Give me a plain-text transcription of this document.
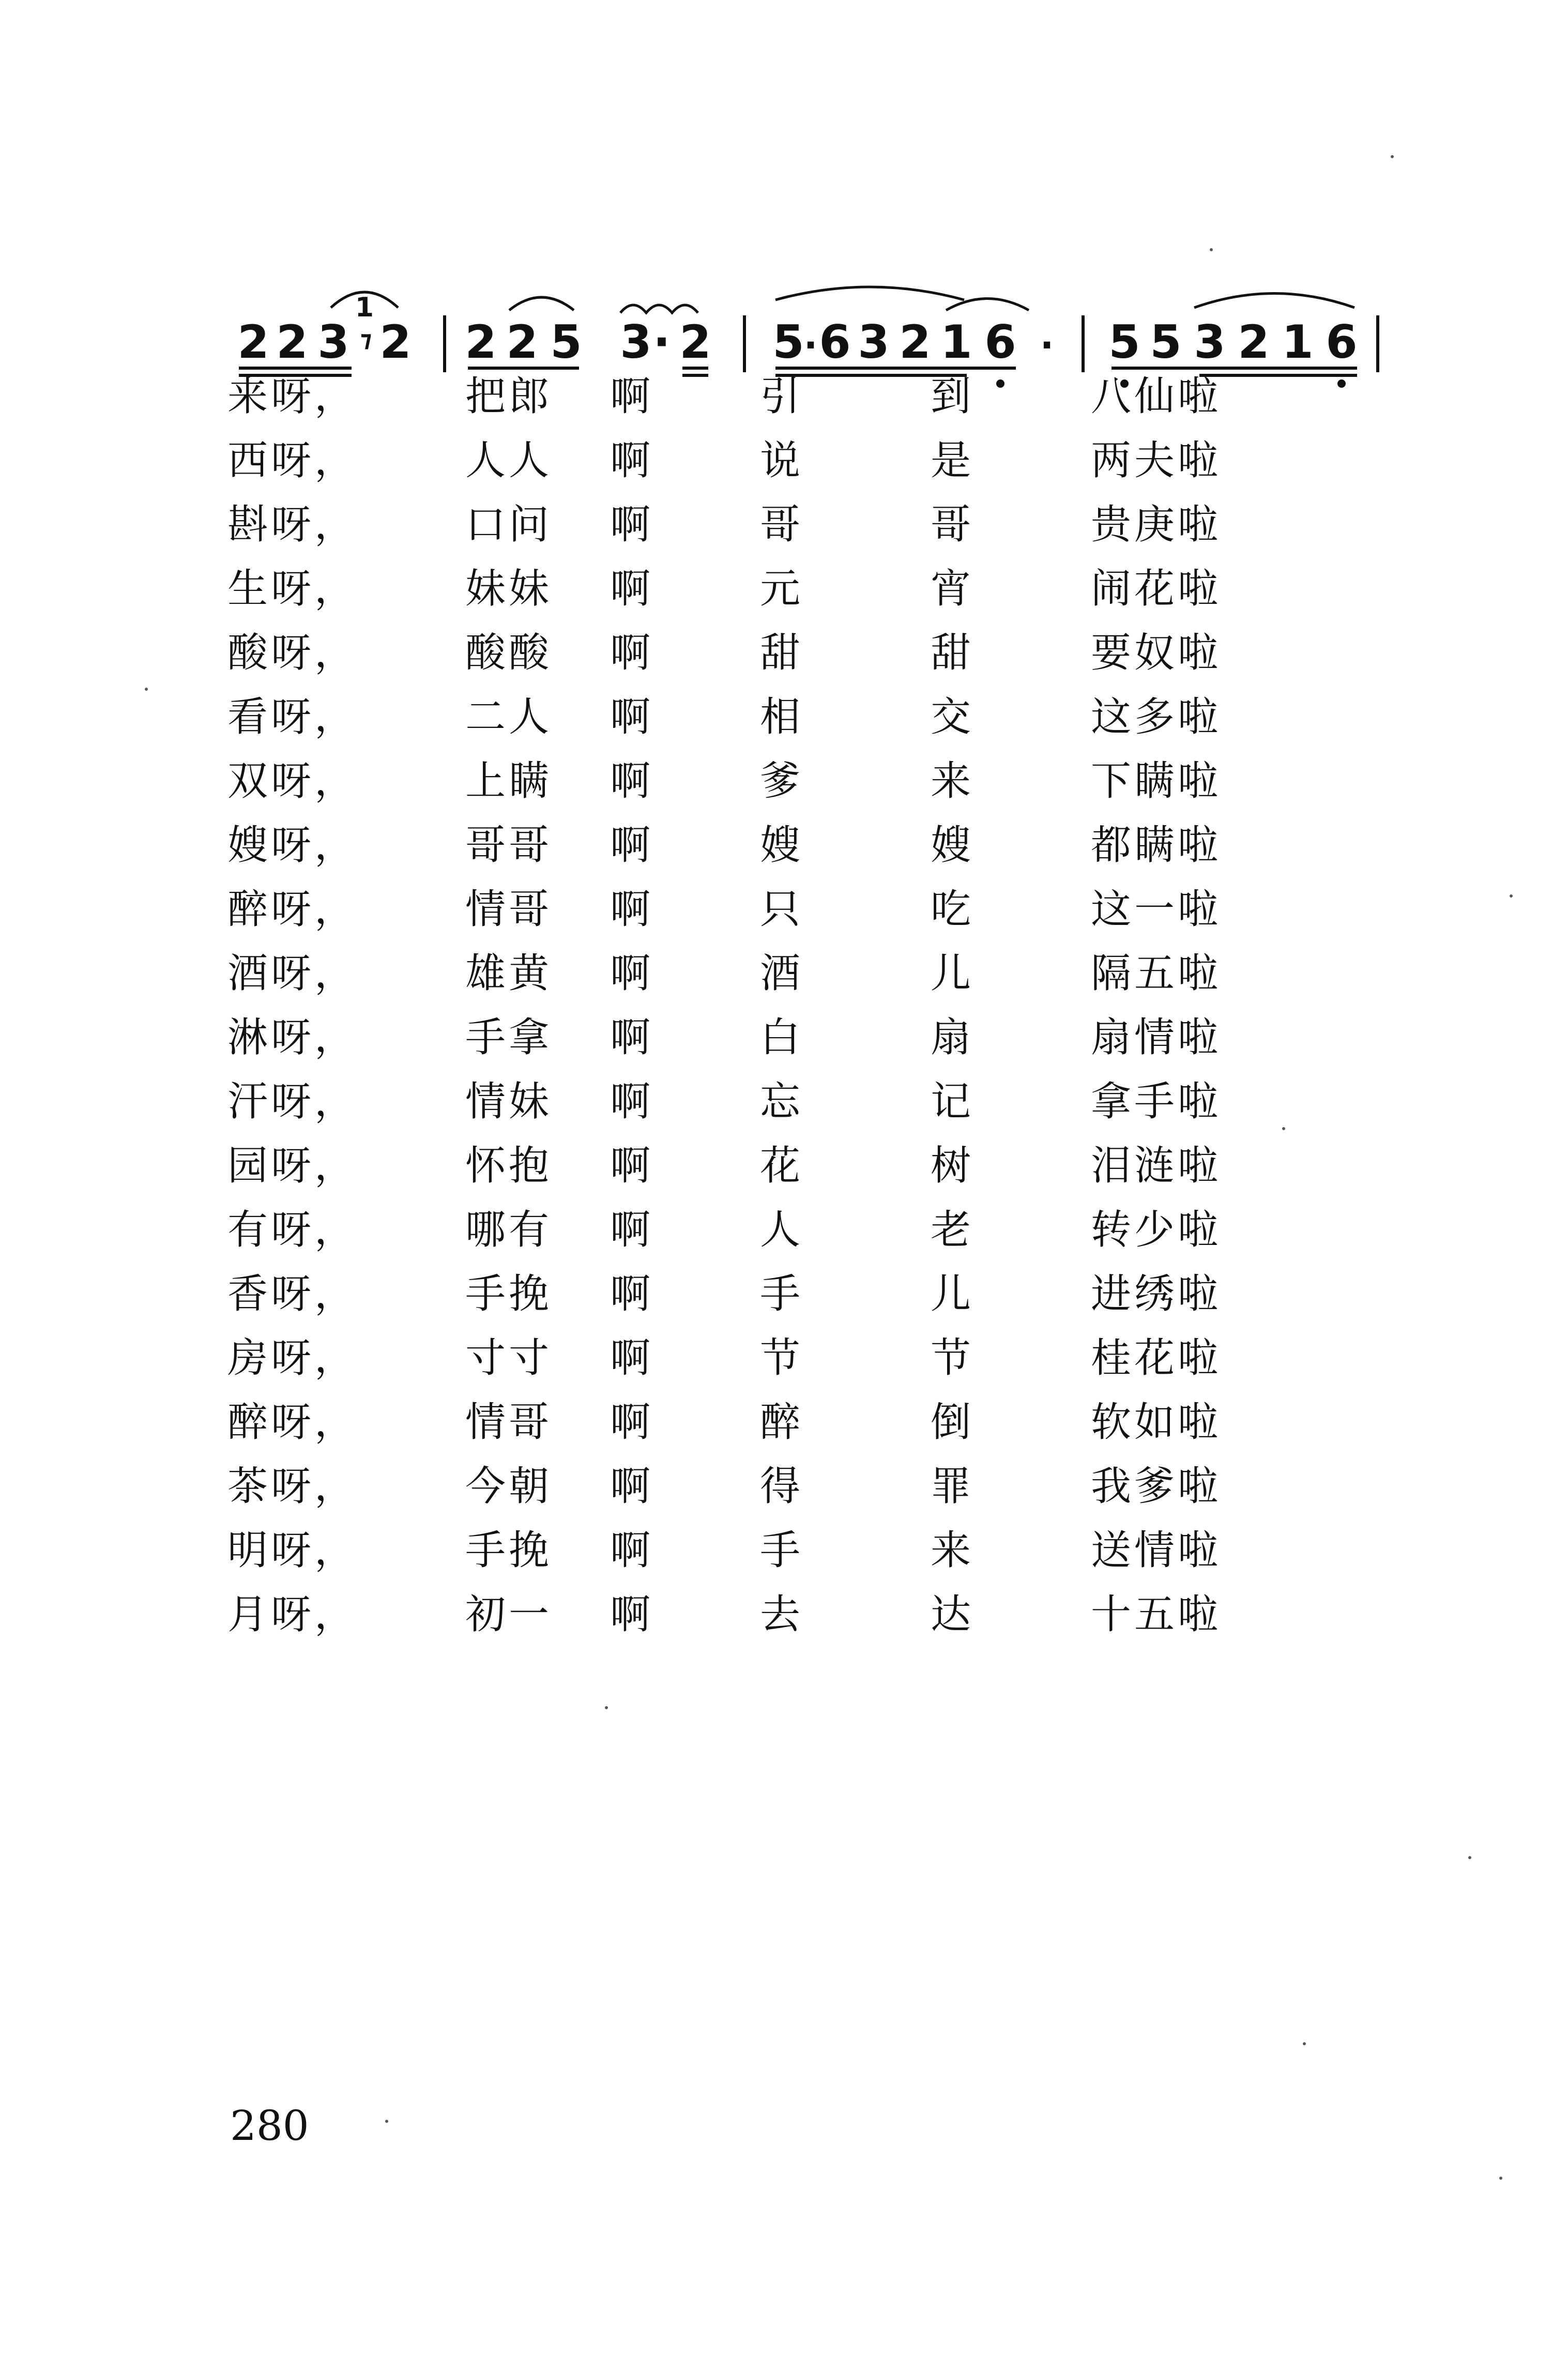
2 2 3 2
1
⁊ 2 2 5 3 · 2 5 · 6 3 2 1 6 · 5 5 3 2 1 6
来呀，	把郎 啊	引	到	八仙啦
西呀，	人人 啊	说	是	两夫啦
斟呀，	口问 啊	哥	哥	贵庚啦
生呀，	妹妹 啊	元	宵	闹花啦
酸呀，	酸酸 啊	甜	甜	要奴啦
看呀，	二人 啊	相	交	这多啦
双呀，	上瞒 啊	爹	来	下瞒啦
嫂呀，	哥哥 啊	嫂	嫂	都瞒啦
醉呀，	情哥 啊	只	吃	这一啦
酒呀，	雄黄 啊	酒	儿	隔五啦
淋呀，	手拿 啊	白	扇	扇情啦
汗呀，	情妹 啊	忘	记	拿手啦
园呀，	怀抱 啊	花	树	泪涟啦
有呀，	哪有 啊	人	老	转少啦
香呀，	手挽 啊	手	儿	进绣啦
房呀，	寸寸 啊	节	节	桂花啦
醉呀，	情哥 啊	醉	倒	软如啦
茶呀，	今朝 啊	得	罪	我爹啦
明呀，	手挽 啊	手	来	送情啦
月呀，	初一 啊	去	达	十五啦
280
